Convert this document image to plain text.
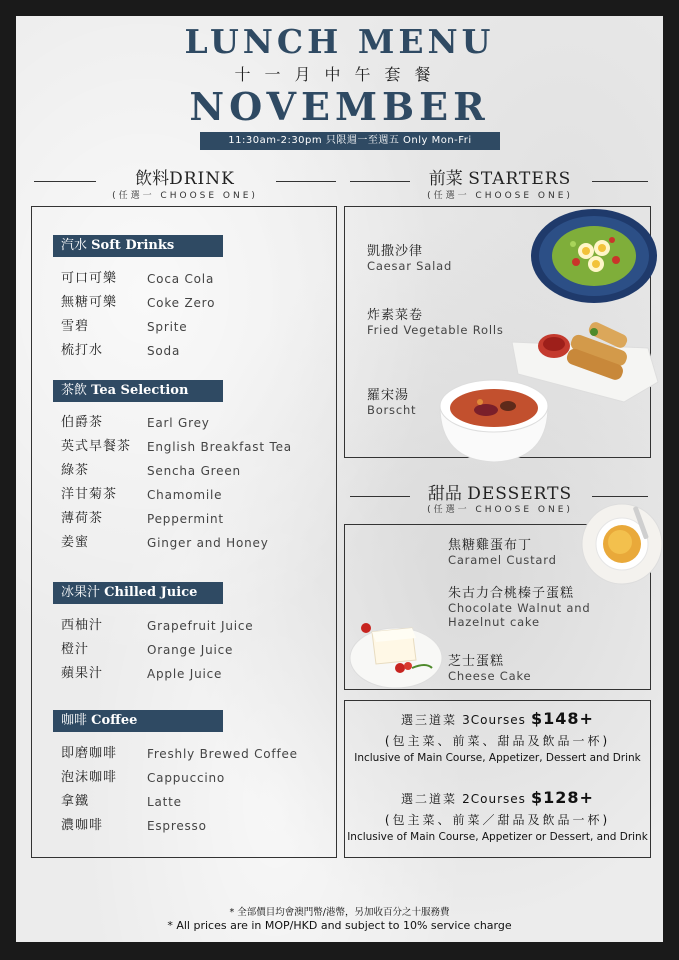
LUNCH MENU
十一月中午套餐
NOVEMBER
11:30am-2:30pm 只限週一至週五 Only Mon-Fri
飲料DRINK
(任選一 CHOOSE ONE)
前菜 STARTERS
(任選一 CHOOSE ONE)
汽水 Soft Drinks
可口可樂 Coca Cola
無糖可樂 Coke Zero
雪碧	Sprite
梳打水	Soda
茶飲 Tea Selection
伯爵茶	Earl Grey
英式早餐茶 English Breakfast Tea
綠茶	Sencha Green
洋甘菊茶 Chamomile
薄荷茶	Peppermint
姜蜜	Ginger and Honey
冰果汁 Chilled Juice
西柚汁	Grapefruit Juice
橙汁	Orange Juice
蘋果汁	Apple Juice
咖啡 Coffee
即磨咖啡 Freshly Brewed Coffee
泡沫咖啡 Cappuccino
拿鐵	Latte
濃咖啡	Espresso
凱撒沙律
Caesar Salad
炸素菜卷
Fried Vegetable Rolls
羅宋湯
Borscht
甜品 DESSERTS
(任選一 CHOOSE ONE)
焦糖雞蛋布丁
Caramel Custard
朱古力合桃榛子蛋糕
Chocolate Walnut and Hazelnut cake
芝士蛋糕
Cheese Cake
選三道菜 3Courses $148+
(包主菜、前菜、甜品及飲品一杯)
Inclusive of Main Course, Appetizer, Dessert and Drink
選二道菜 2Courses $128+
(包主菜、前菜／甜品及飲品一杯)
Inclusive of Main Course, Appetizer or Dessert, and Drink
* 全部價目均會澳門幣/港幣，另加收百分之十服務費
* All prices are in MOP/HKD and subject to 10% service charge
